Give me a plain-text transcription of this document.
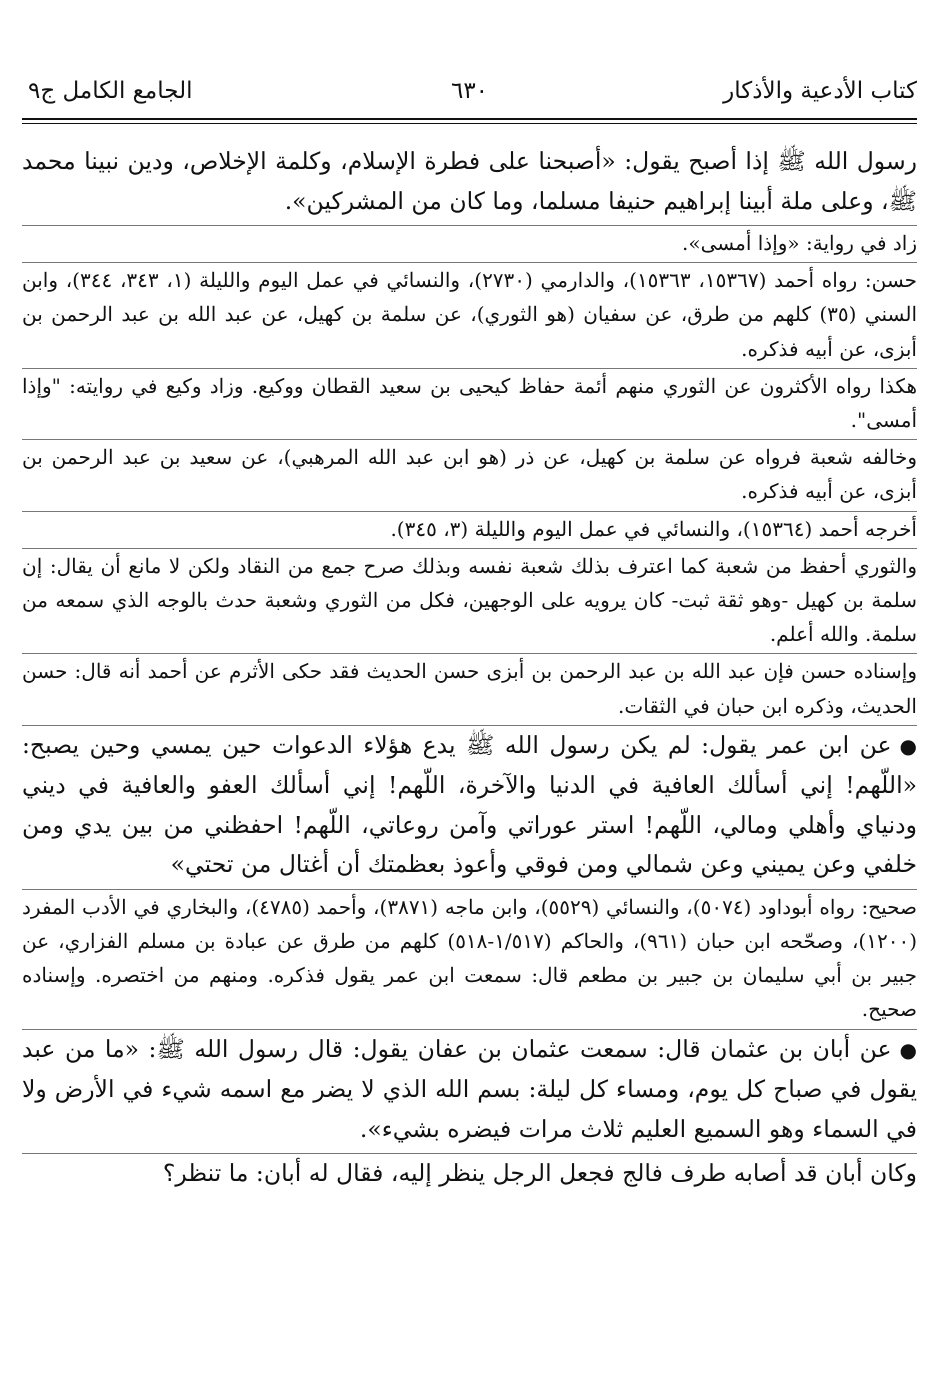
كتاب الأدعية والأذكار
٦٣٠
الجامع الكامل ج٩

رسول الله ﷺ إذا أصبح يقول: «أصبحنا على فطرة الإسلام، وكلمة الإخلاص، ودين نبينا محمد ﷺ، وعلى ملة أبينا إبراهيم حنيفا مسلما، وما كان من المشركين».

زاد في رواية: «وإذا أمسى».

حسن: رواه أحمد (١٥٣٦٧، ١٥٣٦٣)، والدارمي (٢٧٣٠)، والنسائي في عمل اليوم والليلة (١، ٣٤٣، ٣٤٤)، وابن السني (٣٥) كلهم من طرق، عن سفيان (هو الثوري)، عن سلمة بن كهيل، عن عبد الله بن عبد الرحمن بن أبزى، عن أبيه فذكره.

هكذا رواه الأكثرون عن الثوري منهم أئمة حفاظ كيحيى بن سعيد القطان ووكيع. وزاد وكيع في روايته: "وإذا أمسى".

وخالفه شعبة فرواه عن سلمة بن كهيل، عن ذر (هو ابن عبد الله المرهبي)، عن سعيد بن عبد الرحمن بن أبزى، عن أبيه فذكره.

أخرجه أحمد (١٥٣٦٤)، والنسائي في عمل اليوم والليلة (٣، ٣٤٥).

والثوري أحفظ من شعبة كما اعترف بذلك شعبة نفسه وبذلك صرح جمع من النقاد ولكن لا مانع أن يقال: إن سلمة بن كهيل -وهو ثقة ثبت- كان يرويه على الوجهين، فكل من الثوري وشعبة حدث بالوجه الذي سمعه من سلمة. والله أعلم.

وإسناده حسن فإن عبد الله بن عبد الرحمن بن أبزى حسن الحديث فقد حكى الأثرم عن أحمد أنه قال: حسن الحديث، وذكره ابن حبان في الثقات.

●عن ابن عمر يقول: لم يكن رسول الله ﷺ يدع هؤلاء الدعوات حين يمسي وحين يصبح: «اللّهم! إني أسألك العافية في الدنيا والآخرة، اللّهم! إني أسألك العفو والعافية في ديني ودنياي وأهلي ومالي، اللّهم! استر عوراتي وآمن روعاتي، اللّهم! احفظني من بين يدي ومن خلفي وعن يميني وعن شمالي ومن فوقي وأعوذ بعظمتك أن أغتال من تحتي»

صحيح: رواه أبوداود (٥٠٧٤)، والنسائي (٥٥٢٩)، وابن ماجه (٣٨٧١)، وأحمد (٤٧٨٥)، والبخاري في الأدب المفرد (١٢٠٠)، وصحّحه ابن حبان (٩٦١)، والحاكم (١/٥١٧-٥١٨) كلهم من طرق عن عبادة بن مسلم الفزاري، عن جبير بن أبي سليمان بن جبير بن مطعم قال: سمعت ابن عمر يقول فذكره. ومنهم من اختصره. وإسناده صحيح.

●عن أبان بن عثمان قال: سمعت عثمان بن عفان يقول: قال رسول الله ﷺ: «ما من عبد يقول في صباح كل يوم، ومساء كل ليلة: بسم الله الذي لا يضر مع اسمه شيء في الأرض ولا في السماء وهو السميع العليم ثلاث مرات فيضره بشيء».

وكان أبان قد أصابه طرف فالج فجعل الرجل ينظر إليه، فقال له أبان: ما تنظر؟
